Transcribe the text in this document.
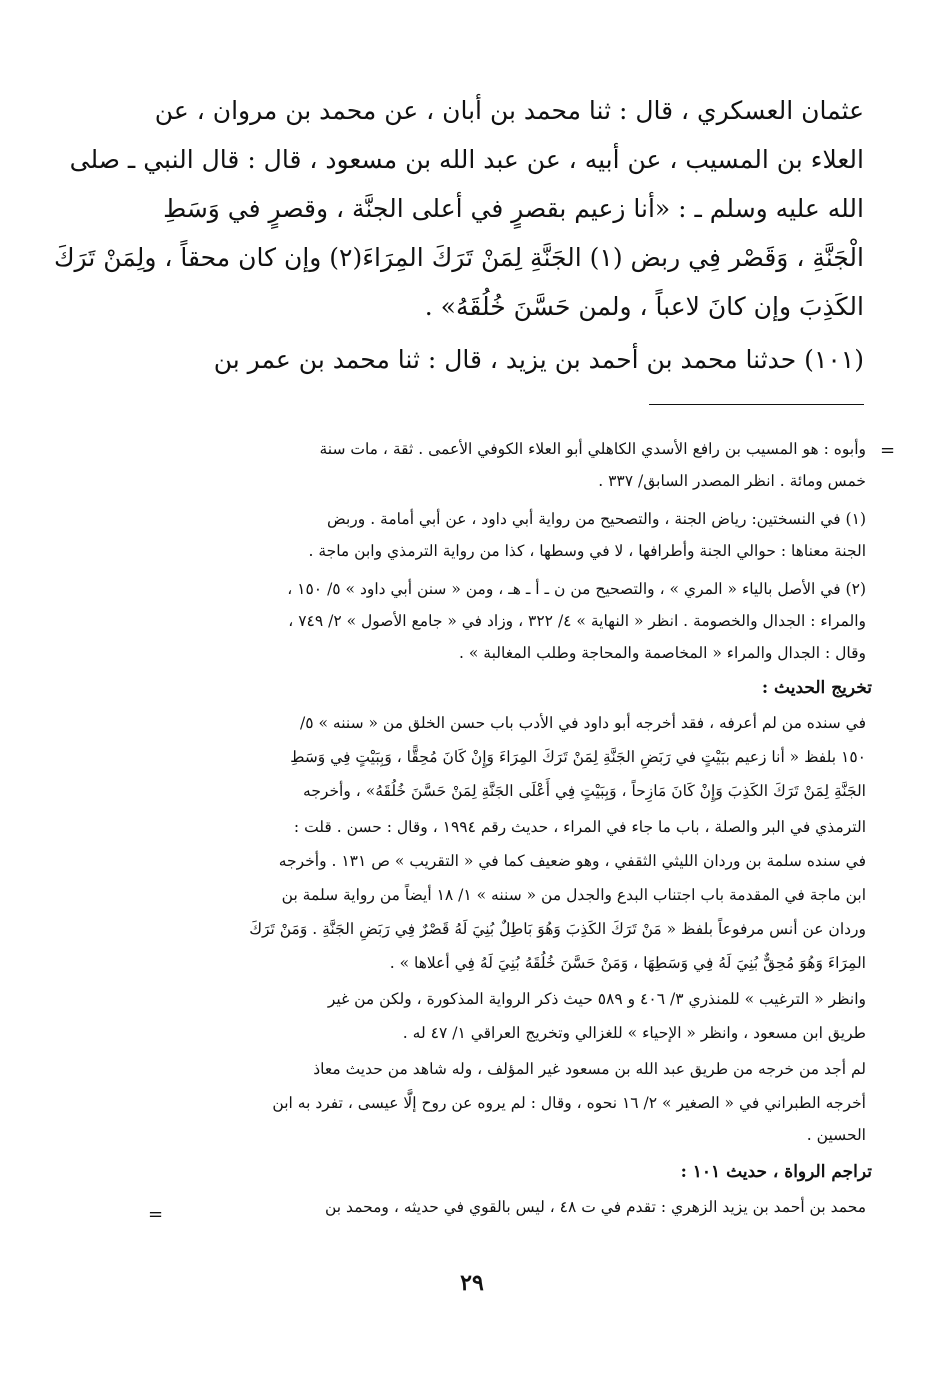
عثمان العسكري ، قال : ثنا محمد بن أبان ، عن محمد بن مروان ، عن
العلاء بن المسيب ، عن أبيه ، عن عبد الله بن مسعود ، قال : قال النبي ـ صلى
الله عليه وسلم ـ : «أنا زعيم بقصرٍ في أعلى الجنَّة ، وقصرٍ في وَسَطِ
الْجَنَّةِ ، وَقَصْر فِي ربض (١) الجَنَّةِ لِمَنْ تَرَكَ المِرَاءَ(٢) وإن كان محقاً ، ولِمَنْ تَرَكَ
الكَذِبَ وإن كانَ لاعباً ، ولمن حَسَّنَ خُلُقَهُ» .
(١٠١) حدثنا محمد بن أحمد بن يزيد ، قال : ثنا محمد بن عمر بن
=
وأبوه : هو المسيب بن رافع الأسدي الكاهلي أبو العلاء الكوفي الأعمى . ثقة ، مات سنة
خمس ومائة . انظر المصدر السابق/ ٣٣٧ .
(١) في النسختين: رياض الجنة ، والتصحيح من رواية أبي داود ، عن أبي أمامة . وربض
الجنة معناها : حوالي الجنة وأطرافها ، لا في وسطها ، كذا من رواية الترمذي وابن ماجة .
(٢) في الأصل بالياء « المري » ، والتصحيح من ن ـ أ ـ هـ ، ومن « سنن أبي داود » ٥/ ١٥٠ ،
والمراء : الجدال والخصومة . انظر « النهاية » ٤/ ٣٢٢ ، وزاد في « جامع الأصول » ٢/ ٧٤٩ ،
وقال : الجدال والمراء « المخاصمة والمحاجة وطلب المغالبة » .
تخريج الحديث :
في سنده من لم أعرفه ، فقد أخرجه أبو داود في الأدب باب حسن الخلق من « سننه » ٥/
١٥٠ بلفظ « أنا زعيم ببَيْتٍ في رَبَضِ الجَنَّةِ لِمَنْ تَرَكَ المِرَاءَ وَإِنْ كَانَ مُحِقًّا ، وَبِبَيْتٍ فِي وَسَطِ
الجَنَّةِ لِمَنْ تَرَكَ الكَذِبَ وَإِنْ كَانَ مَازِحاً ، وَبِبَيْتٍ فِي أَعْلَى الجَنَّةِ لِمَنْ حَسَّنَ خُلُقَهُ» ، وأخرجه
الترمذي في البر والصلة ، باب ما جاء في المراء ، حديث رقم ١٩٩٤ ، وقال : حسن . قلت :
في سنده سلمة بن وردان الليثي الثقفي ، وهو ضعيف كما في « التقريب » ص ١٣١ . وأخرجه
ابن ماجة في المقدمة باب اجتناب البدع والجدل من « سننه » ١/ ١٨ أيضاً من رواية سلمة بن
وردان عن أنس مرفوعاً بلفظ « مَنْ تَرَكَ الكَذِبَ وَهُوَ بَاطِلٌ بُنِيَ لَهُ قَصْرٌ فِي رَبَضِ الجَنَّةِ . وَمَنْ تَرَكَ
المِرَاءَ وَهُوَ مُحِقٌّ بُنِيَ لَهُ فِي وَسَطِهَا ، وَمَنْ حَسَّنَ خُلُقَهُ بُنِيَ لَهُ فِي أعلاها » .
وانظر « الترغيب » للمنذري ٣/ ٤٠٦ و ٥٨٩ حيث ذكر الرواية المذكورة ، ولكن من غير
طريق ابن مسعود ، وانظر « الإحياء » للغزالي وتخريج العراقي ١/ ٤٧ له .
لم أجد من خرجه من طريق عبد الله بن مسعود غير المؤلف ، وله شاهد من حديث معاذ
أخرجه الطبراني في « الصغير » ٢/ ١٦ نحوه ، وقال : لم يروه عن روح إلَّا عيسى ، تفرد به ابن
الحسين .
تراجم الرواة ، حديث ١٠١ :
محمد بن أحمد بن يزيد الزهري : تقدم في ت ٤٨ ، ليس بالقوي في حديثه ، ومحمد بن
=
٢٩
